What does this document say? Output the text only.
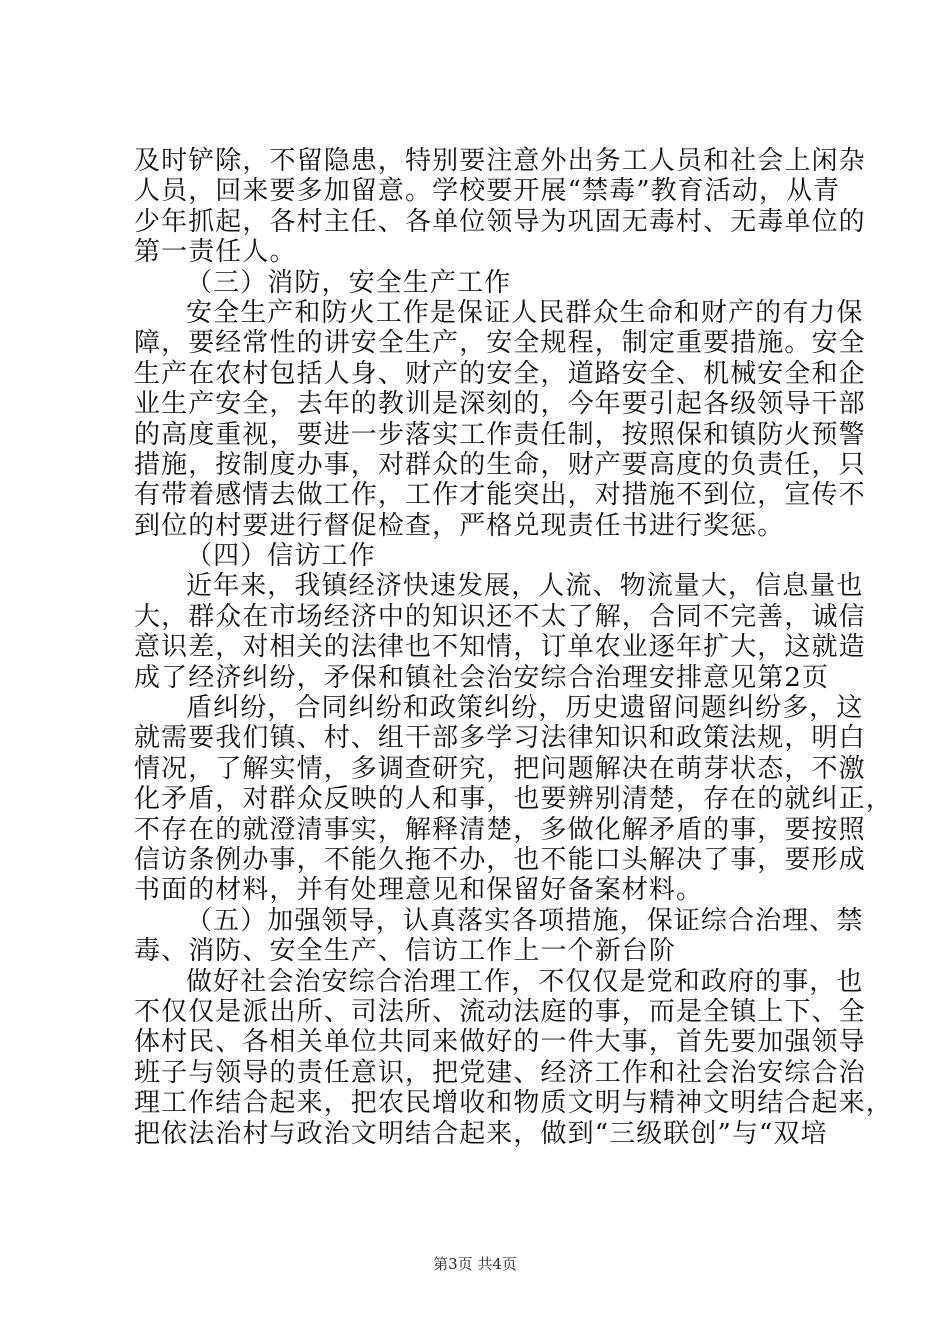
及时铲除，不留隐患，特别要注意外出务工人员和社会上闲杂
人员，回来要多加留意。学校要开展“禁毒”教育活动，从青
少年抓起，各村主任、各单位领导为巩固无毒村、无毒单位的
第一责任人。
（三）消防，安全生产工作
安全生产和防火工作是保证人民群众生命和财产的有力保
障，要经常性的讲安全生产，安全规程，制定重要措施。安全
生产在农村包括人身、财产的安全，道路安全、机械安全和企
业生产安全，去年的教训是深刻的，今年要引起各级领导干部
的高度重视，要进一步落实工作责任制，按照保和镇防火预警
措施，按制度办事，对群众的生命，财产要高度的负责任，只
有带着感情去做工作，工作才能突出，对措施不到位，宣传不
到位的村要进行督促检查，严格兑现责任书进行奖惩。
（四）信访工作
近年来，我镇经济快速发展，人流、物流量大，信息量也
大，群众在市场经济中的知识还不太了解，合同不完善，诚信
意识差，对相关的法律也不知情，订单农业逐年扩大，这就造
成了经济纠纷，矛保和镇社会治安综合治理安排意见第2页
盾纠纷，合同纠纷和政策纠纷，历史遗留问题纠纷多，这
就需要我们镇、村、组干部多学习法律知识和政策法规，明白
情况，了解实情，多调查研究，把问题解决在萌芽状态，不激
化矛盾，对群众反映的人和事，也要辨别清楚，存在的就纠正，
不存在的就澄清事实，解释清楚，多做化解矛盾的事，要按照
信访条例办事，不能久拖不办，也不能口头解决了事，要形成
书面的材料，并有处理意见和保留好备案材料。
（五）加强领导，认真落实各项措施，保证综合治理、禁
毒、消防、安全生产、信访工作上一个新台阶
做好社会治安综合治理工作，不仅仅是党和政府的事，也
不仅仅是派出所、司法所、流动法庭的事，而是全镇上下、全
体村民、各相关单位共同来做好的一件大事，首先要加强领导
班子与领导的责任意识，把党建、经济工作和社会治安综合治
理工作结合起来，把农民增收和物质文明与精神文明结合起来，
把依法治村与政治文明结合起来，做到“三级联创”与“双培
第3页 共4页
